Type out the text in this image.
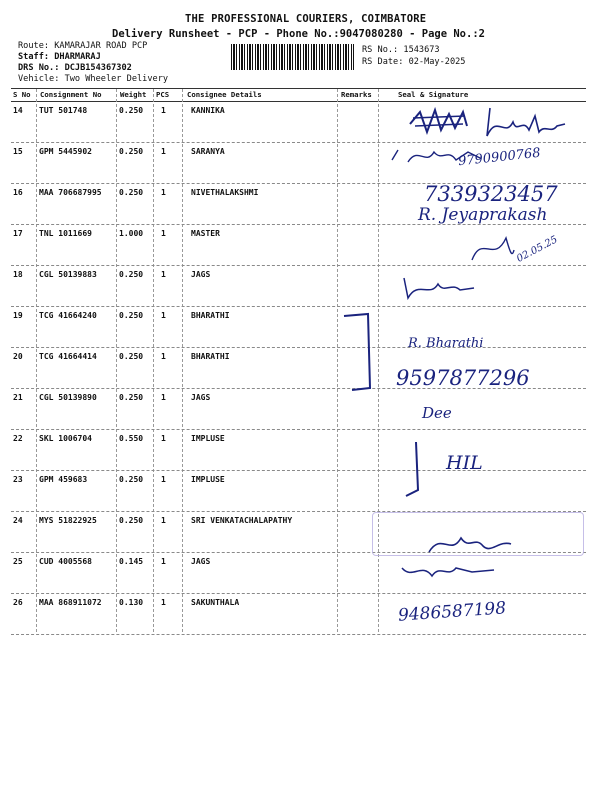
THE PROFESSIONAL COURIERS, COIMBATORE
Delivery Runsheet - PCP - Phone No.:9047080280 - Page No.:2
Route: KAMARAJAR ROAD PCP
Staff: DHARMARAJ
DRS No.: DCJB154367302
Vehicle: Two Wheeler Delivery
RS No.: 1543673
RS Date: 02-May-2025
S No Consignment No	Weight PCS Consignee Details	Remarks	Seal & Signature
14 TUT 501748	0.250 1	KANNIKA
15 GPM 5445902	0.250 1	SARANYA
16 MAA 706687995 0.250 1	NIVETHALAKSHMI
17 TNL 1011669	1.000 1	MASTER
18 CGL 50139883	0.250 1	JAGS
19 TCG 41664240	0.250 1	BHARATHI
20 TCG 41664414	0.250 1	BHARATHI
21 CGL 50139890	0.250 1	JAGS
22 SKL 1006704	0.550 1	IMPLUSE
23 GPM 459683	0.250 1	IMPLUSE
24 MYS 51822925	0.250 1	SRI VENKATACHALAPATHY
25 CUD 4005568	0.145 1	JAGS
26 MAA 868911072 0.130 1	SAKUNTHALA
9790900768
7339323457
R. Jeyaprakash
02.05.25
R. Bharathi
9597877296
Dee
HIL
9486587198
